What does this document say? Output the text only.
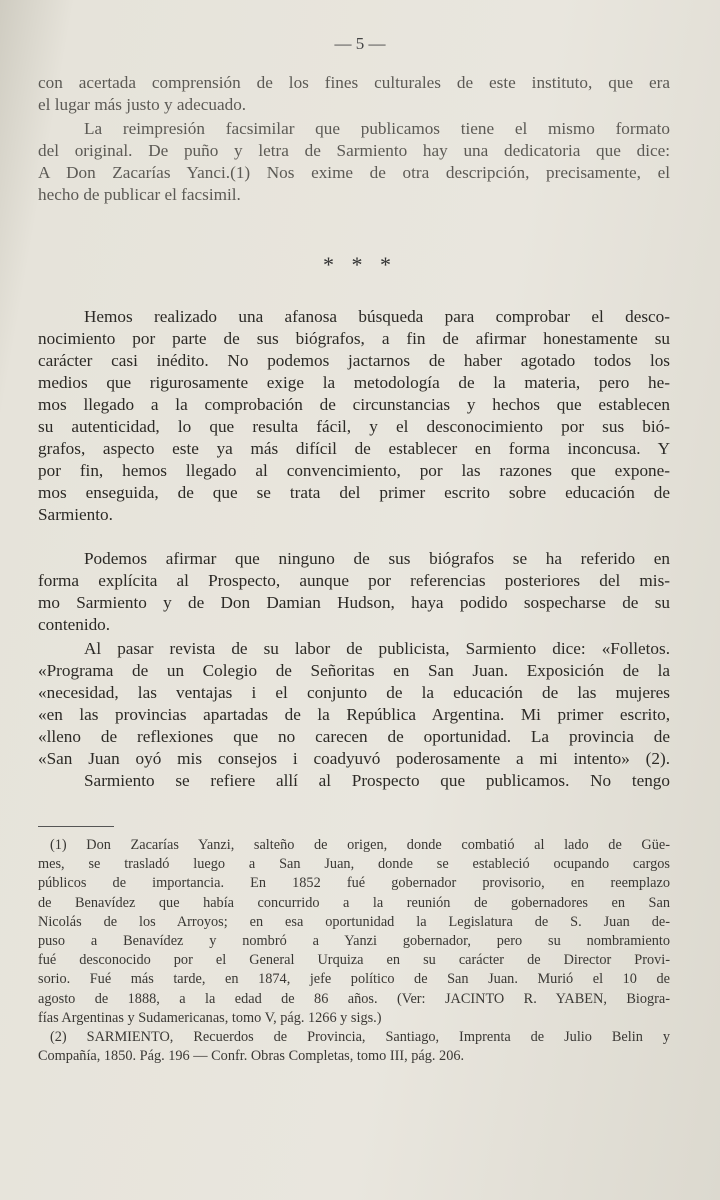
— 5 —
con acertada comprensión de los fines culturales de este instituto, que era
el lugar más justo y adecuado.
La reimpresión facsimilar que publicamos tiene el mismo formato
del original. De puño y letra de Sarmiento hay una dedicatoria que dice:
A Don Zacarías Yanci.(1) Nos exime de otra descripción, precisamente, el
hecho de publicar el facsimil.
* * *
Hemos realizado una afanosa búsqueda para comprobar el desco-
nocimiento por parte de sus biógrafos, a fin de afirmar honestamente su
carácter casi inédito. No podemos jactarnos de haber agotado todos los
medios que rigurosamente exige la metodología de la materia, pero he-
mos llegado a la comprobación de circunstancias y hechos que establecen
su autenticidad, lo que resulta fácil, y el desconocimiento por sus bió-
grafos, aspecto este ya más difícil de establecer en forma inconcusa. Y
por fin, hemos llegado al convencimiento, por las razones que expone-
mos enseguida, de que se trata del primer escrito sobre educación de
Sarmiento.
Podemos afirmar que ninguno de sus biógrafos se ha referido en
forma explícita al Prospecto, aunque por referencias posteriores del mis-
mo Sarmiento y de Don Damian Hudson, haya podido sospecharse de su
contenido.
Al pasar revista de su labor de publicista, Sarmiento dice: «Folletos.
«Programa de un Colegio de Señoritas en San Juan. Exposición de la
«necesidad, las ventajas i el conjunto de la educación de las mujeres
«en las provincias apartadas de la República Argentina. Mi primer escrito,
«lleno de reflexiones que no carecen de oportunidad. La provincia de
«San Juan oyó mis consejos i coadyuvó poderosamente a mi intento» (2).
Sarmiento se refiere allí al Prospecto que publicamos. No tengo
(1) Don Zacarías Yanzi, salteño de origen, donde combatió al lado de Güe-
mes, se trasladó luego a San Juan, donde se estableció ocupando cargos
públicos de importancia. En 1852 fué gobernador provisorio, en reemplazo
de Benavídez que había concurrido a la reunión de gobernadores en San
Nicolás de los Arroyos; en esa oportunidad la Legislatura de S. Juan de-
puso a Benavídez y nombró a Yanzi gobernador, pero su nombramiento
fué desconocido por el General Urquiza en su carácter de Director Provi-
sorio. Fué más tarde, en 1874, jefe político de San Juan. Murió el 10 de
agosto de 1888, a la edad de 86 años. (Ver: JACINTO R. YABEN, Biogra-
fías Argentinas y Sudamericanas, tomo V, pág. 1266 y sigs.)
(2) SARMIENTO, Recuerdos de Provincia, Santiago, Imprenta de Julio Belin y
Compañía, 1850. Pág. 196 — Confr. Obras Completas, tomo III, pág. 206.
